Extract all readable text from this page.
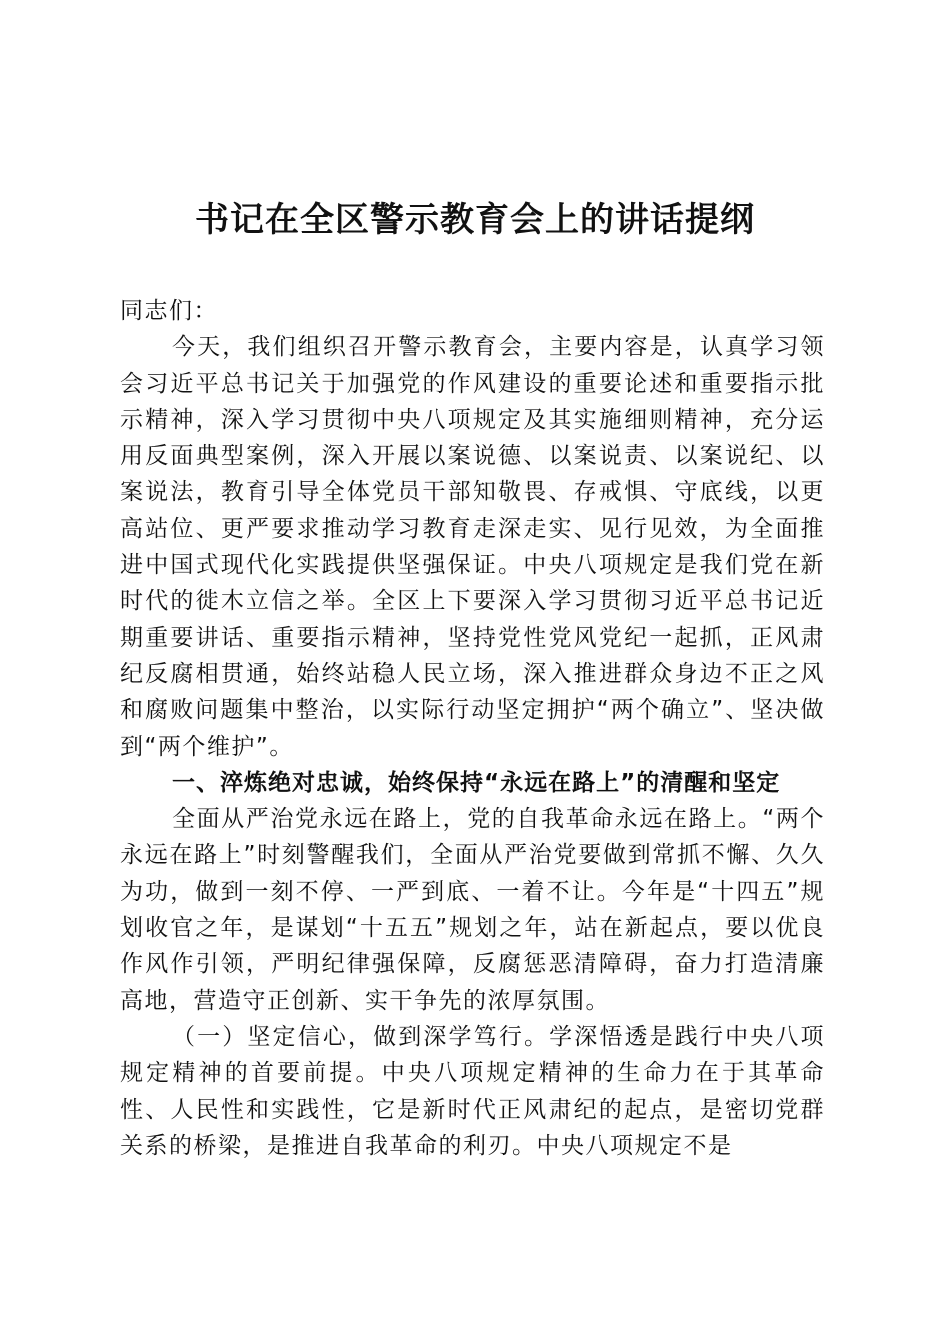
书记在全区警示教育会上的讲话提纲

同志们：

今天，我们组织召开警示教育会，主要内容是，认真学习领会习近平总书记关于加强党的作风建设的重要论述和重要指示批示精神，深入学习贯彻中央八项规定及其实施细则精神，充分运用反面典型案例，深入开展以案说德、以案说责、以案说纪、以案说法，教育引导全体党员干部知敬畏、存戒惧、守底线，以更高站位、更严要求推动学习教育走深走实、见行见效，为全面推进中国式现代化实践提供坚强保证。中央八项规定是我们党在新时代的徙木立信之举。全区上下要深入学习贯彻习近平总书记近期重要讲话、重要指示精神，坚持党性党风党纪一起抓，正风肃纪反腐相贯通，始终站稳人民立场，深入推进群众身边不正之风和腐败问题集中整治，以实际行动坚定拥护“两个确立”、坚决做到“两个维护”。

一、淬炼绝对忠诚，始终保持“永远在路上”的清醒和坚定

全面从严治党永远在路上，党的自我革命永远在路上。“两个永远在路上”时刻警醒我们，全面从严治党要做到常抓不懈、久久为功，做到一刻不停、一严到底、一着不让。今年是“十四五”规划收官之年，是谋划“十五五”规划之年，站在新起点，要以优良作风作引领，严明纪律强保障，反腐惩恶清障碍，奋力打造清廉高地，营造守正创新、实干争先的浓厚氛围。

（一）坚定信心，做到深学笃行。学深悟透是践行中央八项规定精神的首要前提。中央八项规定精神的生命力在于其革命性、人民性和实践性，它是新时代正风肃纪的起点，是密切党群关系的桥梁，是推进自我革命的利刃。中央八项规定不是
